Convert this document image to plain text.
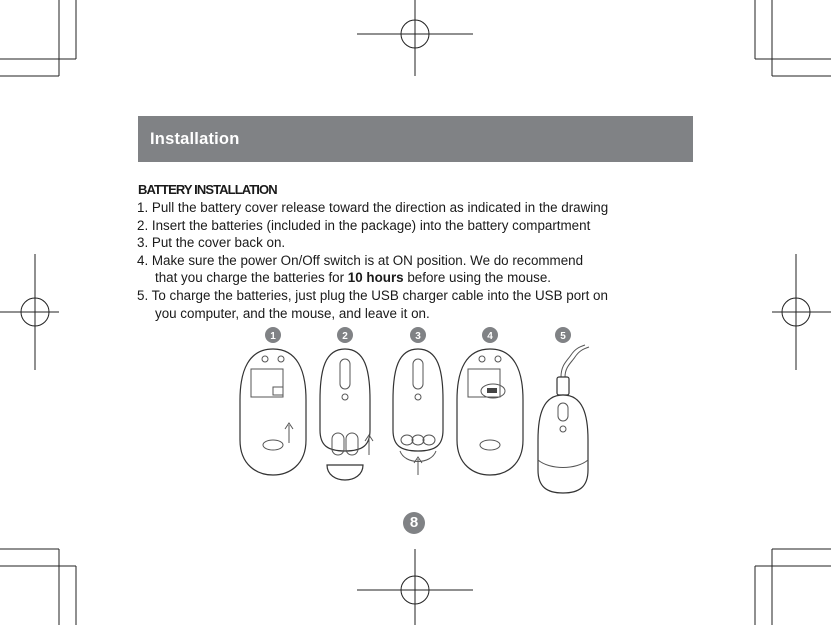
Installation
BATTERY INSTALLATION
1. Pull the battery cover release toward the direction as indicated in the drawing
2. Insert the batteries (included in the package) into the battery compartment
3. Put the cover back on.
4. Make sure the power On/Off switch is at ON position. We do recommend
that you charge the batteries for 10 hours before using the mouse.
5. To charge the batteries, just plug the USB charger cable into the USB port on
you computer, and the mouse, and leave it on.
1	2	3	4	5
8
